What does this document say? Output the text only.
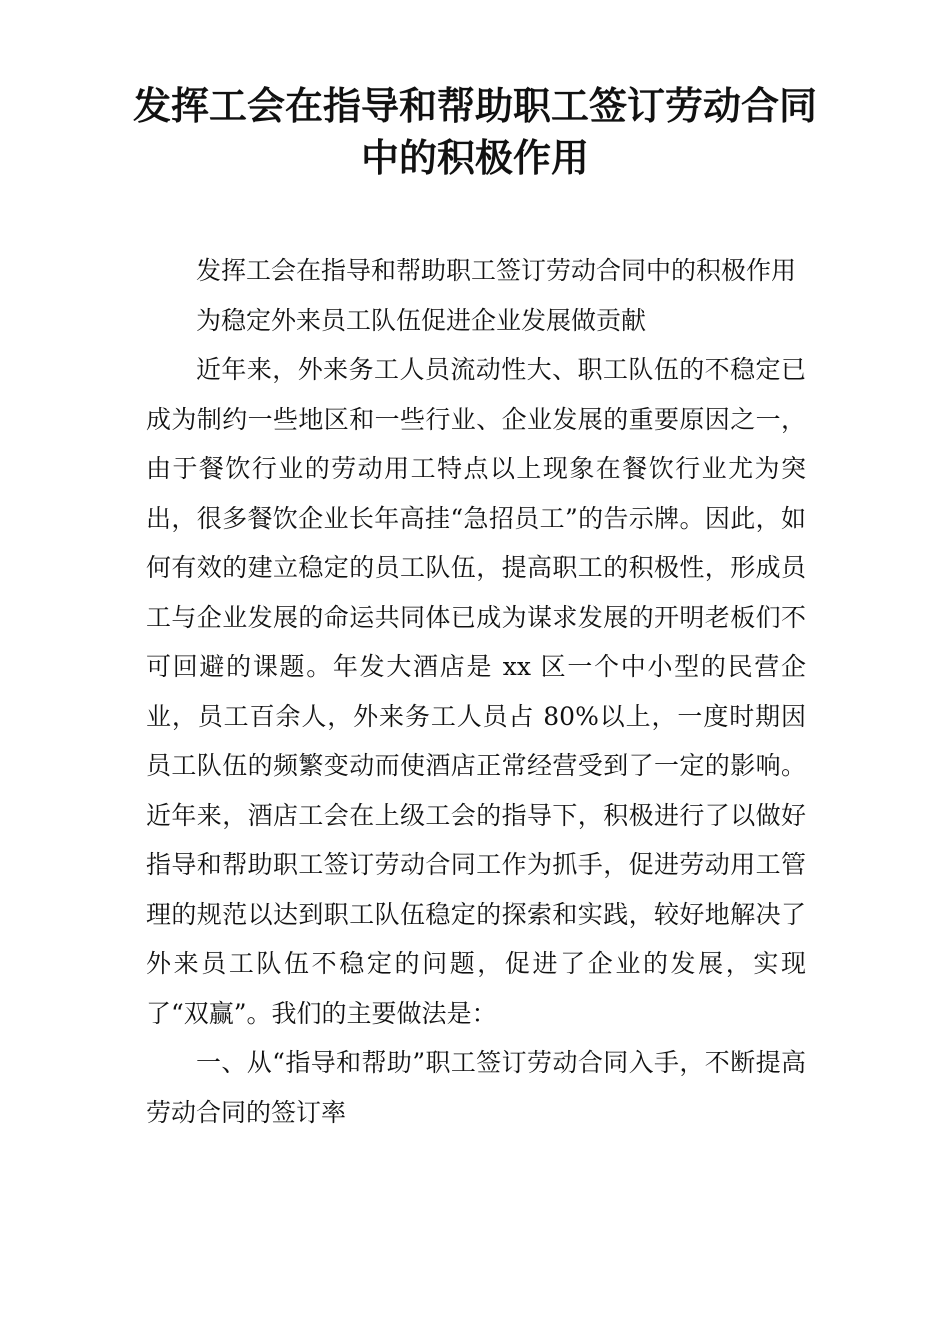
发挥工会在指导和帮助职工签订劳动合同中的积极作用

发挥工会在指导和帮助职工签订劳动合同中的积极作用

为稳定外来员工队伍促进企业发展做贡献

近年来，外来务工人员流动性大、职工队伍的不稳定已成为制约一些地区和一些行业、企业发展的重要原因之一，由于餐饮行业的劳动用工特点以上现象在餐饮行业尤为突出，很多餐饮企业长年高挂“急招员工”的告示牌。因此，如何有效的建立稳定的员工队伍，提高职工的积极性，形成员工与企业发展的命运共同体已成为谋求发展的开明老板们不可回避的课题。年发大酒店是 xx 区一个中小型的民营企业，员工百余人，外来务工人员占 80%以上，一度时期因员工队伍的频繁变动而使酒店正常经营受到了一定的影响。近年来，酒店工会在上级工会的指导下，积极进行了以做好指导和帮助职工签订劳动合同工作为抓手，促进劳动用工管理的规范以达到职工队伍稳定的探索和实践，较好地解决了外来员工队伍不稳定的问题，促进了企业的发展，实现了“双赢”。我们的主要做法是：

一、从“指导和帮助”职工签订劳动合同入手，不断提高劳动合同的签订率
